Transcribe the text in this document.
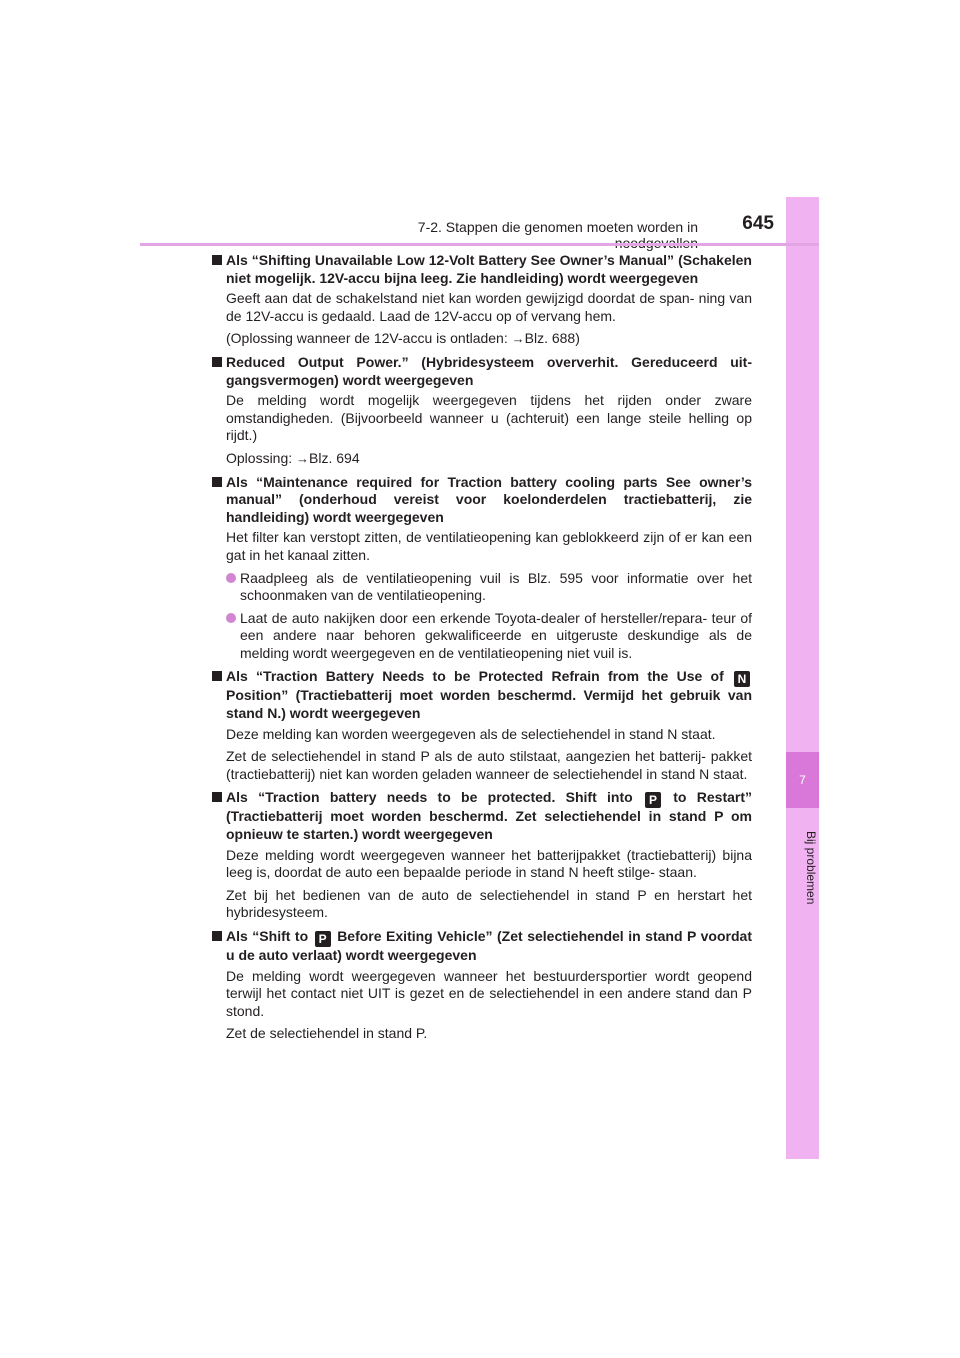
7
Bij problemen
7-2. Stappen die genomen moeten worden in	645
Als “Shifting Unavailable Low 12-Volt Battery See Owner’s Manual” (Schakelen niet mogelijk. 12V-accu bijna leeg. Zie handleiding) wordt weergegeven
Geeft aan dat de schakelstand niet kan worden gewijzigd doordat de span- ning van de 12V-accu is gedaald. Laad de 12V-accu op of vervang hem.
(Oplossing wanneer de 12V-accu is ontladen: →Blz. 688)
Reduced Output Power.” (Hybridesysteem oververhit. Gereduceerd uit- gangsvermogen) wordt weergegeven
De melding wordt mogelijk weergegeven tijdens het rijden onder zware omstandigheden. (Bijvoorbeeld wanneer u (achteruit) een lange steile helling op rijdt.)
Oplossing: →Blz. 694
Als “Maintenance required for Traction battery cooling parts See owner’s manual” (onderhoud vereist voor koelonderdelen tractiebatterij, zie handleiding) wordt weergegeven
Het filter kan verstopt zitten, de ventilatieopening kan geblokkeerd zijn of er kan een gat in het kanaal zitten.
Raadpleeg als de ventilatieopening vuil is Blz. 595 voor informatie over het schoonmaken van de ventilatieopening.
Laat de auto nakijken door een erkende Toyota-dealer of hersteller/repara- teur of een andere naar behoren gekwalificeerde en uitgeruste deskundige als de melding wordt weergegeven en de ventilatieopening niet vuil is.
Als “Traction Battery Needs to be Protected Refrain from the Use of N Position” (Tractiebatterij moet worden beschermd. Vermijd het gebruik van stand N.) wordt weergegeven
Deze melding kan worden weergegeven als de selectiehendel in stand N staat.
Zet de selectiehendel in stand P als de auto stilstaat, aangezien het batterij- pakket (tractiebatterij) niet kan worden geladen wanneer de selectiehendel in stand N staat.
Als “Traction battery needs to be protected. Shift into P to Restart” (Tractiebatterij moet worden beschermd. Zet selectiehendel in stand P om opnieuw te starten.) wordt weergegeven
Deze melding wordt weergegeven wanneer het batterijpakket (tractiebatterij) bijna leeg is, doordat de auto een bepaalde periode in stand N heeft stilge- staan.
Zet bij het bedienen van de auto de selectiehendel in stand P en herstart het hybridesysteem.
Als “Shift to P Before Exiting Vehicle” (Zet selectiehendel in stand P voordat u de auto verlaat) wordt weergegeven
De melding wordt weergegeven wanneer het bestuurdersportier wordt geopend terwijl het contact niet UIT is gezet en de selectiehendel in een andere stand dan P stond.
Zet de selectiehendel in stand P.
